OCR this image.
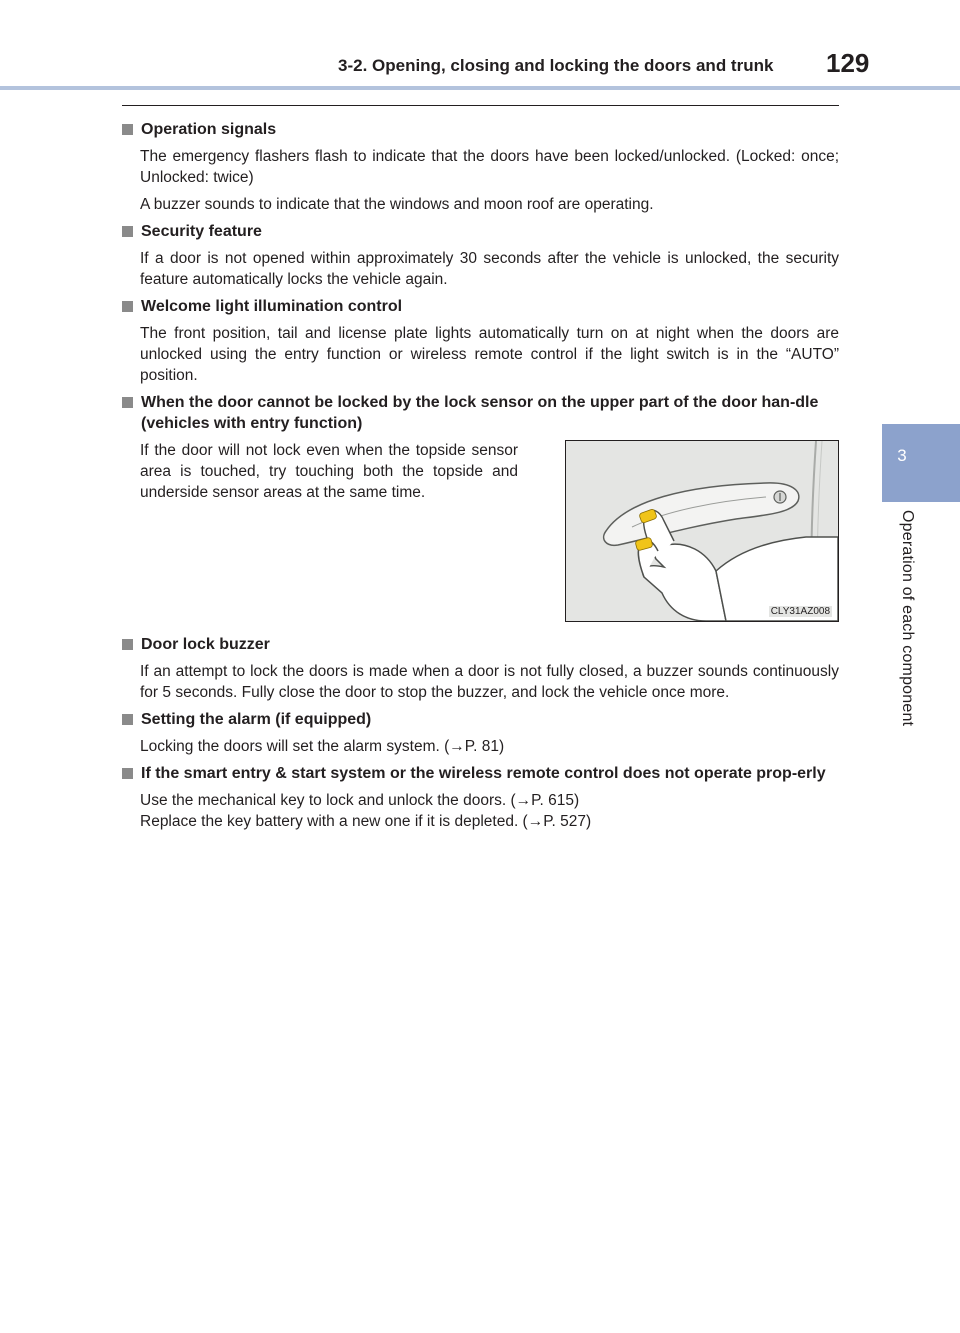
3-2. Opening, closing and locking the doors and trunk 129
3
Operation of each component
Operation signals

The emergency flashers flash to indicate that the doors have been locked/unlocked. (Locked: once; Unlocked: twice)

A buzzer sounds to indicate that the windows and moon roof are operating.

Security feature

If a door is not opened within approximately 30 seconds after the vehicle is unlocked, the security feature automatically locks the vehicle again.

Welcome light illumination control

The front position, tail and license plate lights automatically turn on at night when the doors are unlocked using the entry function or wireless remote control if the light switch is in the “AUTO” position.

When the door cannot be locked by the lock sensor on the upper part of the door han-dle (vehicles with entry function)

If the door will not lock even when the topside sensor area is touched, try touching both the topside and underside sensor areas at the same time.

CLY31AZ008
Door lock buzzer

If an attempt to lock the doors is made when a door is not fully closed, a buzzer sounds continuously for 5 seconds. Fully close the door to stop the buzzer, and lock the vehicle once more.

Setting the alarm (if equipped)

Locking the doors will set the alarm system. (→P. 81)

If the smart entry & start system or the wireless remote control does not operate prop-erly

Use the mechanical key to lock and unlock the doors. (→P. 615)

Replace the key battery with a new one if it is depleted. (→P. 527)
